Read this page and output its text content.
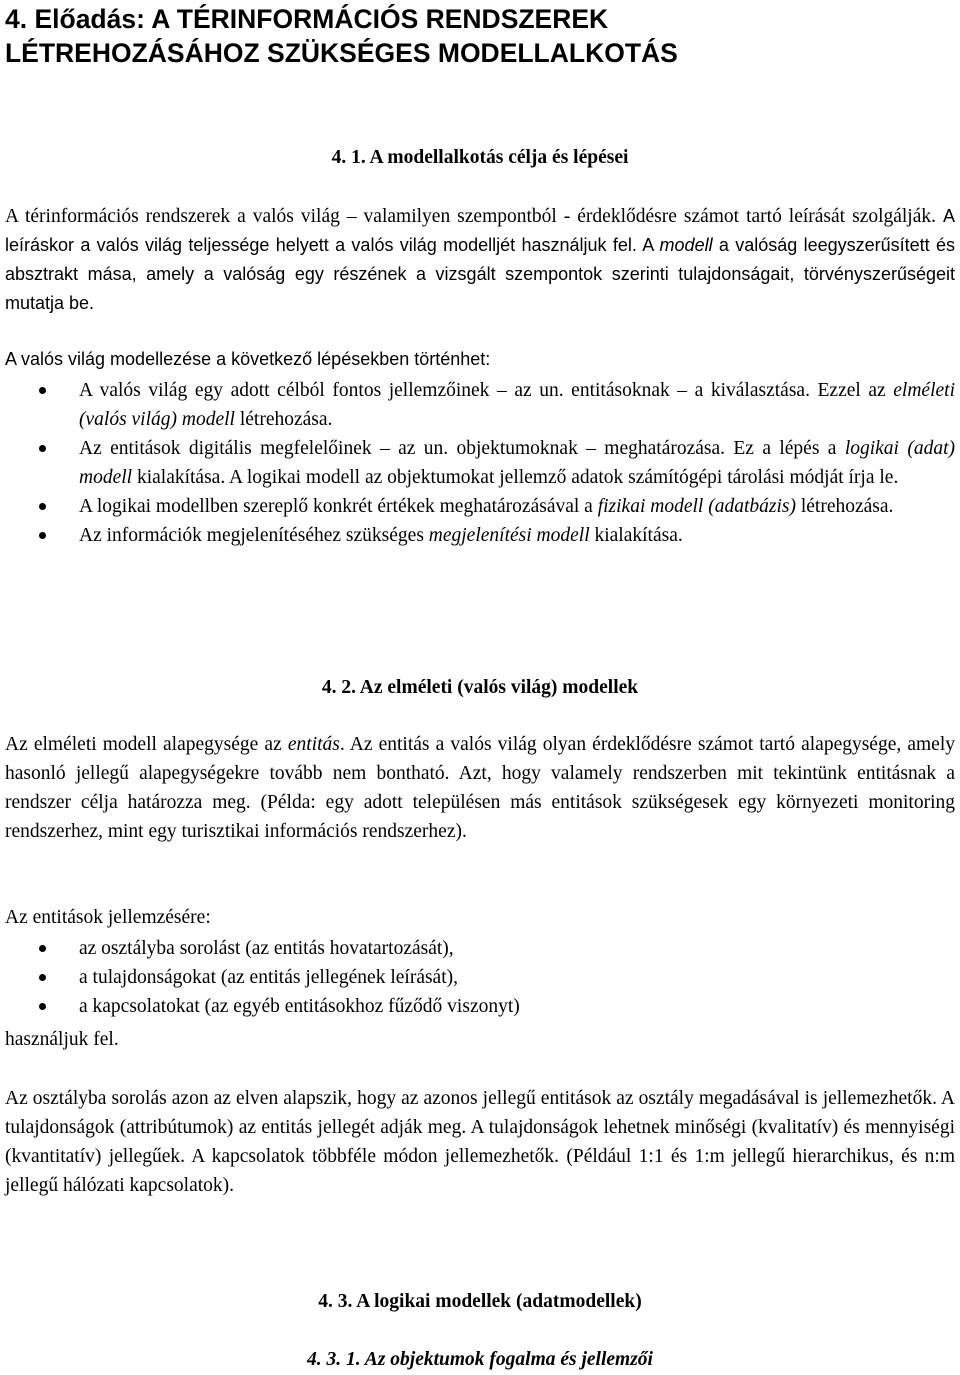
4. Előadás: A TÉRINFORMÁCIÓS RENDSZEREK
LÉTREHOZÁSÁHOZ SZÜKSÉGES MODELLALKOTÁS
4. 1. A modellalkotás célja és lépései

A térinformációs rendszerek a valós világ – valamilyen szempontból - érdeklődésre számot tartó leírását szolgálják. A leíráskor a valós világ teljessége helyett a valós világ modelljét használjuk fel. A modell a valóság leegyszerűsített és absztrakt mása, amely a valóság egy részének a vizsgált szempontok szerinti tulajdonságait, törvényszerűségeit mutatja be.

A valós világ modellezése a következő lépésekben történhet:

A valós világ egy adott célból fontos jellemzőinek – az un. entitásoknak – a kiválasztása. Ezzel az elméleti (valós világ) modell létrehozása.
Az entitások digitális megfelelőinek – az un. objektumoknak – meghatározása. Ez a lépés a logikai (adat) modell kialakítása. A logikai modell az objektumokat jellemző adatok számítógépi tárolási módját írja le.
A logikai modellben szereplő konkrét értékek meghatározásával a fizikai modell (adatbázis) létrehozása.
Az információk megjelenítéséhez szükséges megjelenítési modell kialakítása.
4. 2. Az elméleti (valós világ) modellek

Az elméleti modell alapegysége az entitás. Az entitás a valós világ olyan érdeklődésre számot tartó alapegysége, amely hasonló jellegű alapegységekre tovább nem bontható. Azt, hogy valamely rendszerben mit tekintünk entitásnak a rendszer célja határozza meg. (Példa: egy adott településen más entitások szükségesek egy környezeti monitoring rendszerhez, mint egy turisztikai információs rendszerhez).

Az entitások jellemzésére:

az osztályba sorolást (az entitás hovatartozását),
a tulajdonságokat (az entitás jellegének leírását),
a kapcsolatokat (az egyéb entitásokhoz fűződő viszonyt)

használjuk fel.

Az osztályba sorolás azon az elven alapszik, hogy az azonos jellegű entitások az osztály megadásával is jellemezhetők. A tulajdonságok (attribútumok) az entitás jellegét adják meg. A tulajdonságok lehetnek minőségi (kvalitatív) és mennyiségi (kvantitatív) jellegűek. A kapcsolatok többféle módon jellemezhetők. (Például 1:1 és 1:m jellegű hierarchikus, és n:m jellegű hálózati kapcsolatok).

4. 3. A logikai modellek (adatmodellek)
4. 3. 1. Az objektumok fogalma és jellemzői
